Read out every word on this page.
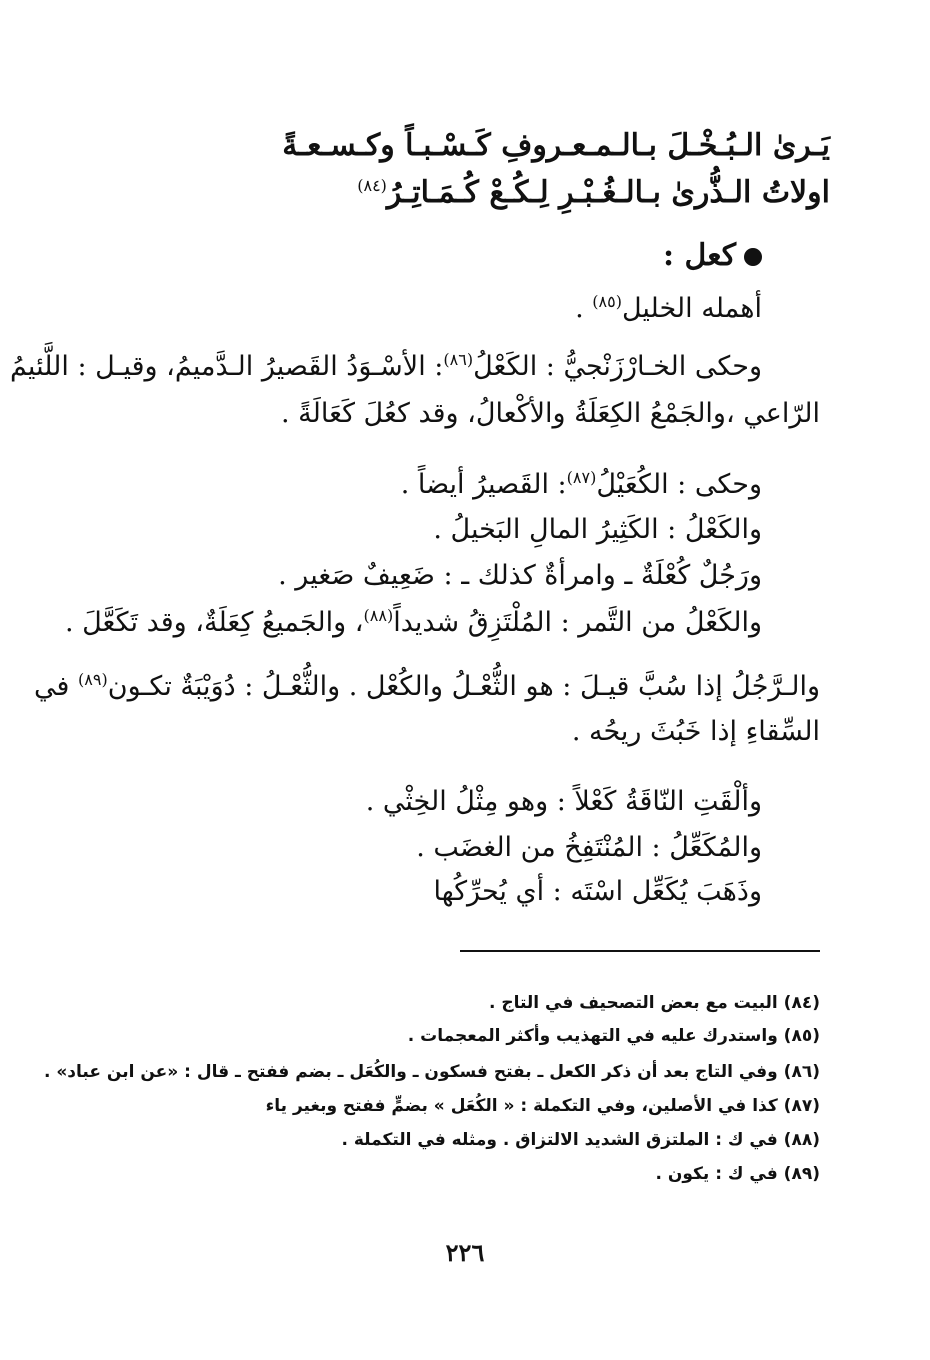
يَـرىٰ الـبُـخْـلَ بـالـمـعـروفِ كَـسْـبـاً وكـسـعـةً
اولاتُ الـذُّرىٰ بـالـغُـبْـرِ لِـكُـعْ كُـمَـاتِـرُ$^{(٨٤)}$
كعل :
أهمله الخليل$^{(٨٥)}$ .
وحكى الخـارْزَنْجيُّ : الكَعْلُ$^{(٨٦)}$: الأسْـوَدُ القَصيرُ الـدَّميمُ، وقيـل : اللَّئيمُ
الرّاعي ،والجَمْعُ الكِعَلَةُ والأكْعالُ، وقد كعُلَ كَعَالَةً .
وحكى : الكُعَيْلُ$^{(٨٧)}$: القَصيرُ أيضاً .
والكَعْلُ : الكَثِيرُ المالِ البَخيلُ .
ورَجُلٌ كُعْلَةٌ ـ وامرأةٌ كذلك ـ : ضَعِيفٌ صَغير .
والكَعْلُ من التَّمر : المُلْتَزِقُ شديداً$^{(٨٨)}$، والجَميعُ كِعَلَةٌ، وقد تَكَعَّلَ .
والـرَّجُلُ إذا سُبَّ قيـلَ : هو الثُّعْـلُ والكُعْل . والثُّعْـلُ : دُوَيْبَةٌ تكـون$^{(٨٩)}$ في
السِّقاءِ إذا خَبُثَ ريحُه .
وألْقَتِ النّاقَةُ كَعْلاً : وهو مِثْلُ الخِثْي .
والمُكَعِّلُ : المُنْتَفِخُ من الغضَب .
وذَهَبَ يُكَعِّل اسْتَه : أي يُحرِّكُها
(٨٤) البيت مع بعض التصحيف في التاج .
(٨٥) واستدرك عليه في التهذيب وأكثر المعجمات .
(٨٦) وفي التاج بعد أن ذكر الكعل ـ بفتح فسكون ـ والكُعَل ـ بضم ففتح ـ قال : «عن ابن عباد» .
(٨٧) كذا في الأصلين، وفي التكملة : « الكُعَل » بضمٍّ ففتح وبغير ياء
(٨٨) في ك : الملتزق الشديد الالتزاق . ومثله في التكملة .
(٨٩) في ك : يكون .
٢٢٦
